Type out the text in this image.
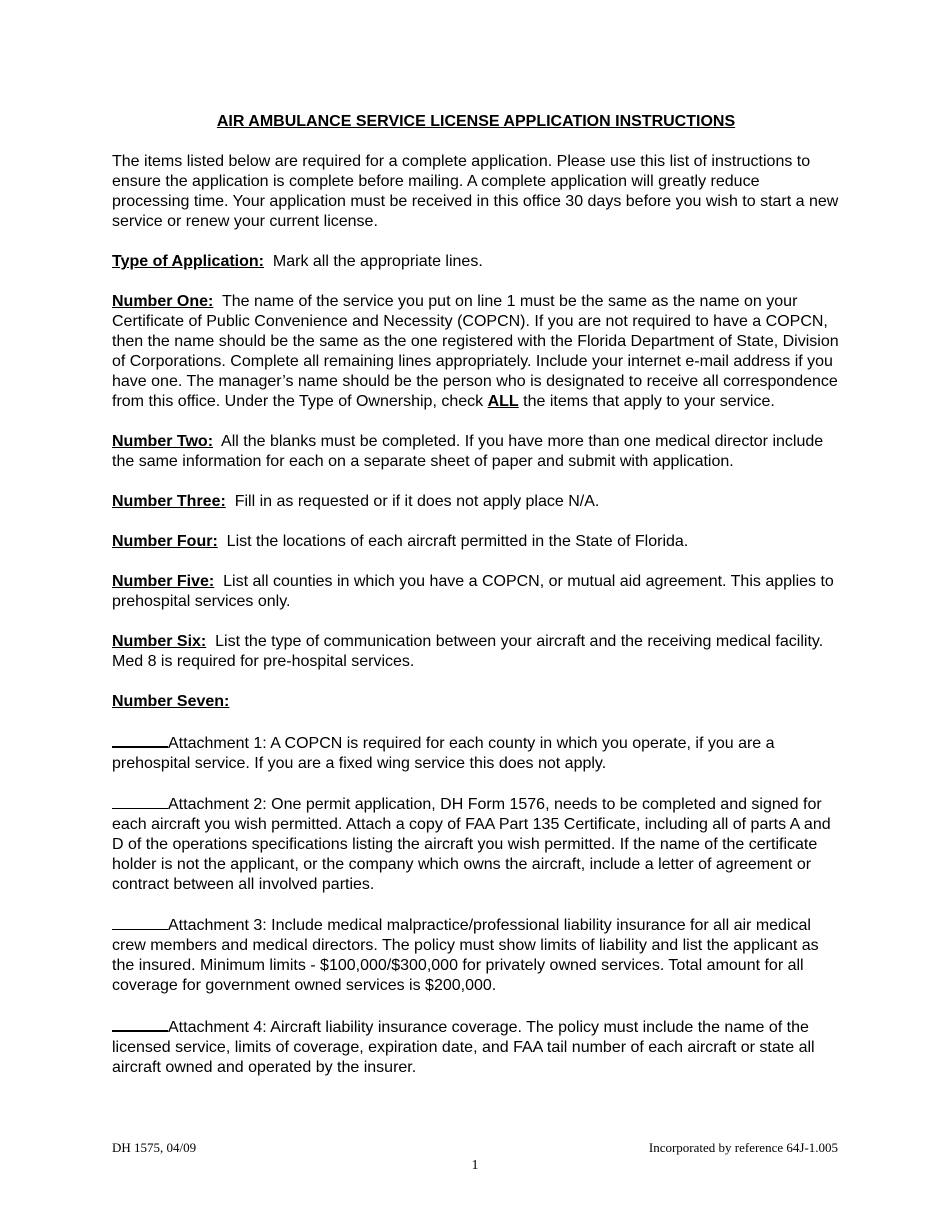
AIR AMBULANCE SERVICE LICENSE APPLICATION INSTRUCTIONS

The items listed below are required for a complete application. Please use this list of instructions to ensure the application is complete before mailing. A complete application will greatly reduce processing time. Your application must be received in this office 30 days before you wish to start a new service or renew your current license.

Type of Application: Mark all the appropriate lines.

Number One: The name of the service you put on line 1 must be the same as the name on your Certificate of Public Convenience and Necessity (COPCN). If you are not required to have a COPCN, then the name should be the same as the one registered with the Florida Department of State, Division of Corporations. Complete all remaining lines appropriately. Include your internet e-mail address if you have one. The manager’s name should be the person who is designated to receive all correspondence from this office. Under the Type of Ownership, check ALL the items that apply to your service.

Number Two: All the blanks must be completed. If you have more than one medical director include the same information for each on a separate sheet of paper and submit with application.

Number Three: Fill in as requested or if it does not apply place N/A.

Number Four: List the locations of each aircraft permitted in the State of Florida.

Number Five: List all counties in which you have a COPCN, or mutual aid agreement. This applies to prehospital services only.

Number Six: List the type of communication between your aircraft and the receiving medical facility. Med 8 is required for pre-hospital services.

Number Seven:

Attachment 1: A COPCN is required for each county in which you operate, if you are a prehospital service. If you are a fixed wing service this does not apply.

Attachment 2: One permit application, DH Form 1576, needs to be completed and signed for each aircraft you wish permitted. Attach a copy of FAA Part 135 Certificate, including all of parts A and D of the operations specifications listing the aircraft you wish permitted. If the name of the certificate holder is not the applicant, or the company which owns the aircraft, include a letter of agreement or contract between all involved parties.

Attachment 3: Include medical malpractice/professional liability insurance for all air medical crew members and medical directors. The policy must show limits of liability and list the applicant as the insured. Minimum limits - $100,000/$300,000 for privately owned services. Total amount for all coverage for government owned services is $200,000.

Attachment 4: Aircraft liability insurance coverage. The policy must include the name of the licensed service, limits of coverage, expiration date, and FAA tail number of each aircraft or state all aircraft owned and operated by the insurer.

DH 1575, 04/09	Incorporated by reference 64J-1.005
1
